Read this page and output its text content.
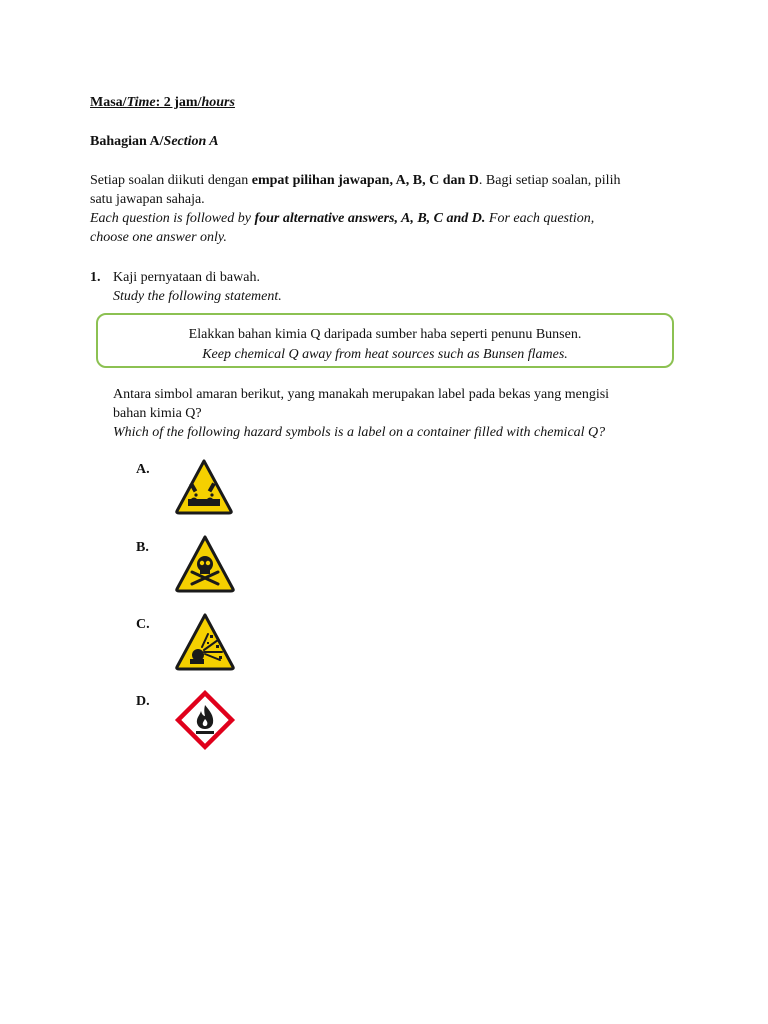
Masa/Time: 2 jam/hours
Bahagian A/Section A
Setiap soalan diikuti dengan empat pilihan jawapan, A, B, C dan D. Bagi setiap soalan, pilih
satu jawapan sahaja.
Each question is followed by four alternative answers, A, B, C and D. For each question,
choose one answer only.
1. Kaji pernyataan di bawah.
Study the following statement.
Elakkan bahan kimia Q daripada sumber haba seperti penunu Bunsen.
Keep chemical Q away from heat sources such as Bunsen flames.
Antara simbol amaran berikut, yang manakah merupakan label pada bekas yang mengisi
bahan kimia Q?
Which of the following hazard symbols is a label on a container filled with chemical Q?
A.
B.
C.
D.
